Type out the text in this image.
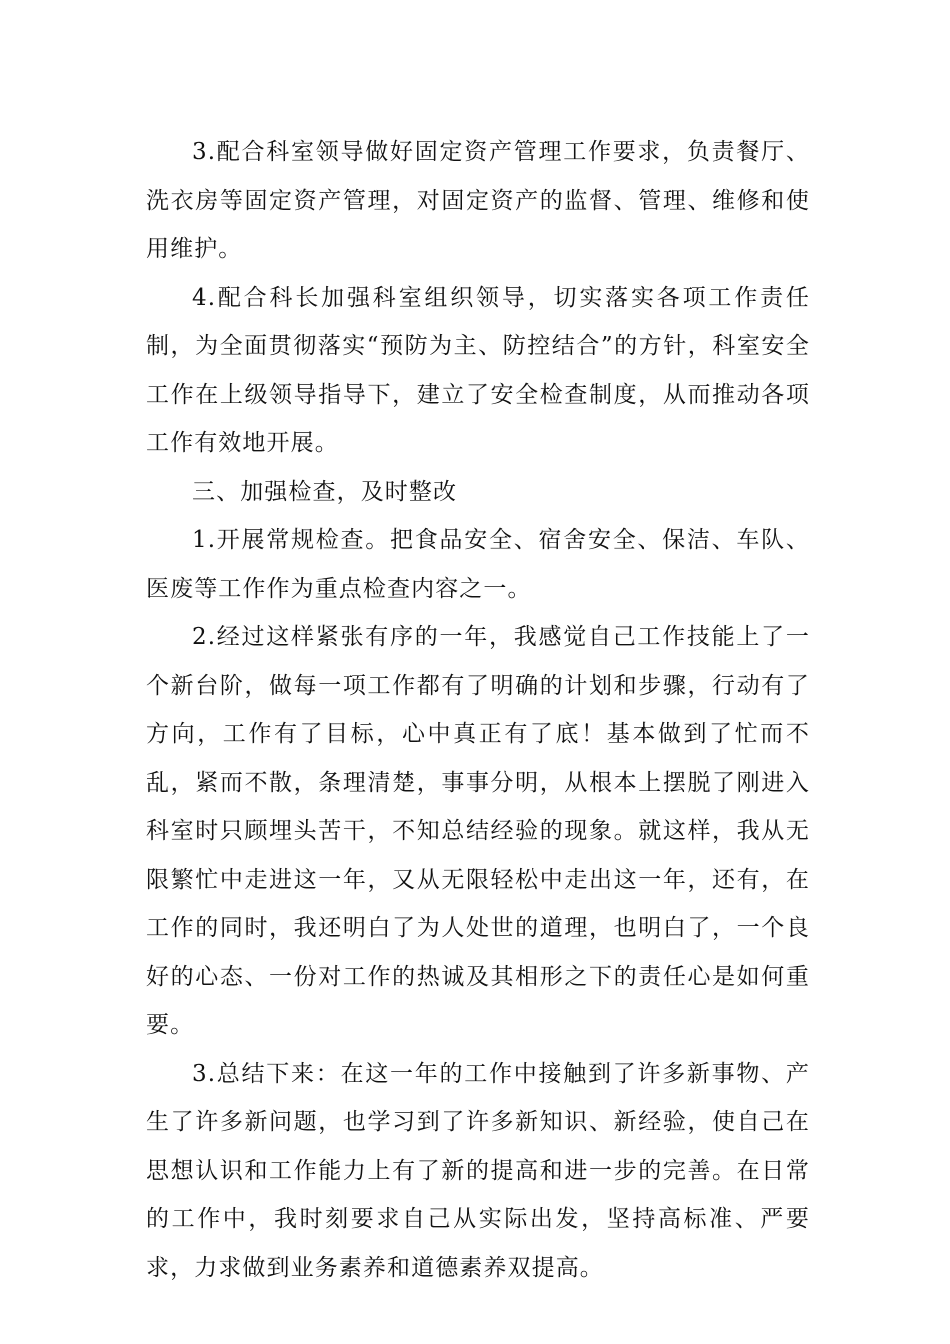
3.配合科室领导做好固定资产管理工作要求，负责餐厅、洗衣房等固定资产管理，对固定资产的监督、管理、维修和使用维护。

4.配合科长加强科室组织领导，切实落实各项工作责任制，为全面贯彻落实“预防为主、防控结合”的方针，科室安全工作在上级领导指导下，建立了安全检查制度，从而推动各项工作有效地开展。

三、加强检查，及时整改

1.开展常规检查。把食品安全、宿舍安全、保洁、车队、医废等工作作为重点检查内容之一。

2.经过这样紧张有序的一年，我感觉自己工作技能上了一个新台阶，做每一项工作都有了明确的计划和步骤，行动有了方向，工作有了目标，心中真正有了底！基本做到了忙而不乱，紧而不散，条理清楚，事事分明，从根本上摆脱了刚进入科室时只顾埋头苦干，不知总结经验的现象。就这样，我从无限繁忙中走进这一年，又从无限轻松中走出这一年，还有，在工作的同时，我还明白了为人处世的道理，也明白了，一个良好的心态、一份对工作的热诚及其相形之下的责任心是如何重要。

3.总结下来：在这一年的工作中接触到了许多新事物、产生了许多新问题，也学习到了许多新知识、新经验，使自己在思想认识和工作能力上有了新的提高和进一步的完善。在日常的工作中，我时刻要求自己从实际出发，坚持高标准、严要求，力求做到业务素养和道德素养双提高。
